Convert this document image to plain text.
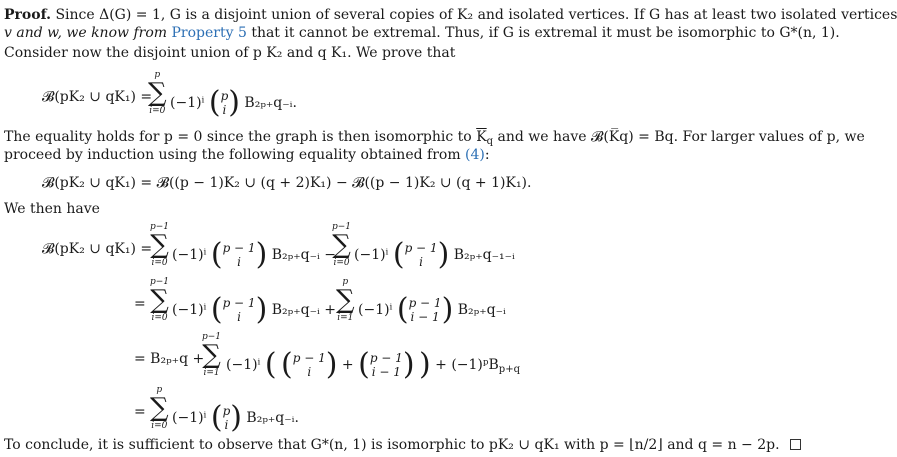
Proof. Since Δ(G) = 1, G is a disjoint union of several copies of K₂ and isolated vertices. If G has at least two isolated vertices
v and w, we know from Property 5 that it cannot be extremal. Thus, if G is extremal it must be isomorphic to G*(n, 1).
Consider now the disjoint union of p K₂ and q K₁. We prove that
𝓑(pK₂ ∪ qK₁) =
p
∑
i=0 (−1)ⁱ (p
i) B₂ₚ₊q₋ᵢ.
The equality holds for p = 0 since the graph is then isomorphic to $\overline{K}_q$ and we have 𝓑(K̅q) = Bq. For larger values of p, we
proceed by induction using the following equality obtained from (4):
𝓑(pK₂ ∪ qK₁) = 𝓑((p − 1)K₂ ∪ (q + 2)K₁) − 𝓑((p − 1)K₂ ∪ (q + 1)K₁).
We then have
𝓑(pK₂ ∪ qK₁) =
p−1
∑
i=0 (−1)ⁱ (p − 1
i ) B₂ₚ₊q₋ᵢ −
p−1
∑
i=0 (−1)ⁱ (p − 1
i ) B₂ₚ₊q₋₁₋ᵢ
=
p−1
∑
i=0 (−1)ⁱ (p − 1
i ) B₂ₚ₊q₋ᵢ +
p
∑
i=1 (−1)ⁱ (p − 1
i − 1) B₂ₚ₊q₋ᵢ
= B₂ₚ₊q +
p−1
∑
i=1 (−1)ⁱ ( (p − 1
i ) + (p − 1
i − 1) ) + (−1)ᵖB$_{p+q}$
=
p
∑
i=0 (−1)ⁱ (p
i) B₂ₚ₊q₋ᵢ.
To conclude, it is sufficient to observe that G*(n, 1) is isomorphic to pK₂ ∪ qK₁ with p = ⌊n/2⌋ and q = n − 2p.
